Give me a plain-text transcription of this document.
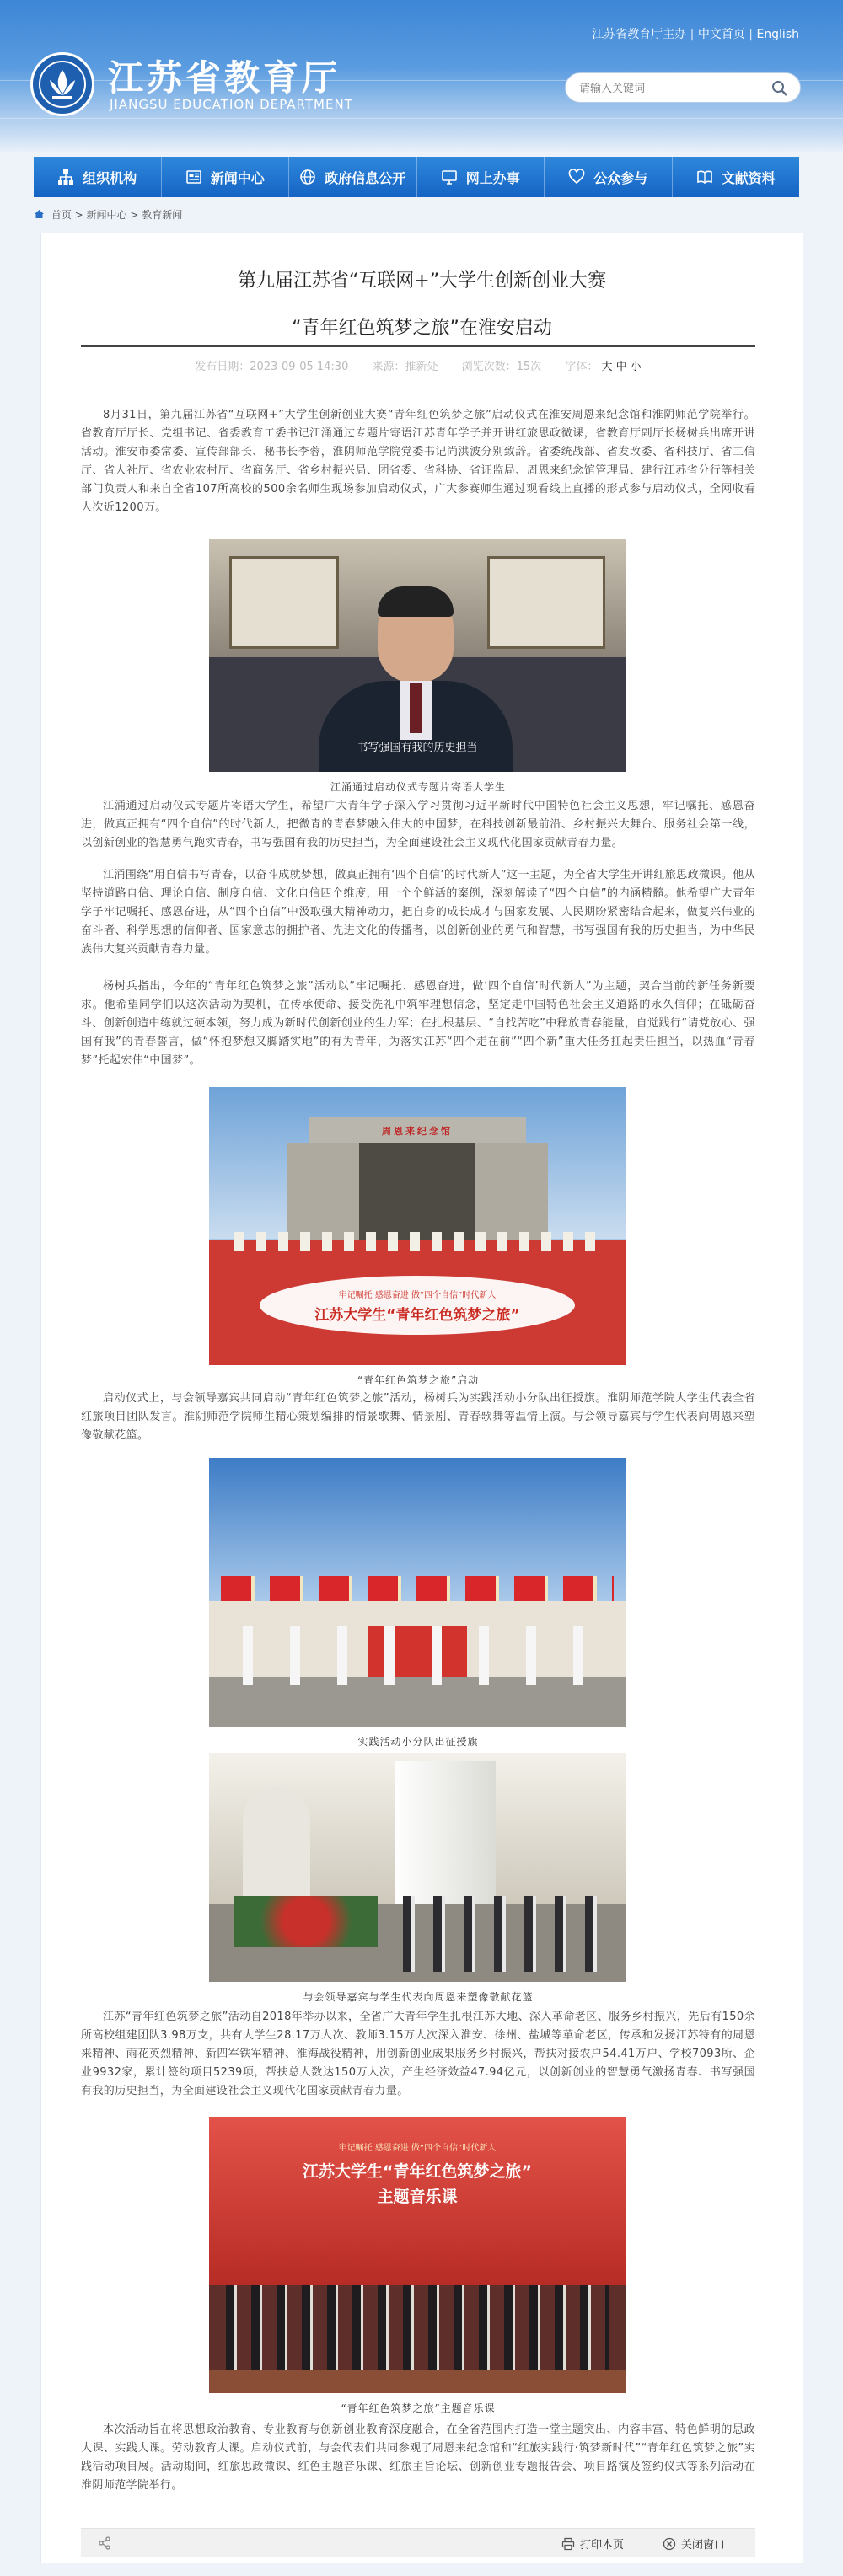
江苏省教育厅主办 | 中文首页 | English
江苏省教育厅
JIANGSU EDUCATION DEPARTMENT
请输入关键词
组织机构	新闻中心	政府信息公开	网上办事	公众参与	文献资料
首页 > 新闻中心 > 教育新闻
第九届江苏省“互联网+”大学生创新创业大赛
“青年红色筑梦之旅”在淮安启动
发布日期：2023-09-05 14:30 来源：推新处 浏览次数：15次 字体： 大 中 小
8月31日，第九届江苏省“互联网+”大学生创新创业大赛“青年红色筑梦之旅”启动仪式在淮安周恩来纪念馆和淮阴师范学院举行。省教育厅厅长、党组书记、省委教育工委书记江涌通过专题片寄语江苏青年学子并开讲红旅思政微课，省教育厅副厅长杨树兵出席开讲活动。淮安市委常委、宣传部部长、秘书长李蓉，淮阴师范学院党委书记尚洪波分别致辞。省委统战部、省发改委、省科技厅、省工信厅、省人社厅、省农业农村厅、省商务厅、省乡村振兴局、团省委、省科协、省证监局、周恩来纪念馆管理局、建行江苏省分行等相关部门负责人和来自全省107所高校的500余名师生现场参加启动仪式，广大参赛师生通过观看线上直播的形式参与启动仪式，全网收看人次近1200万。
书写强国有我的历史担当
江涌通过启动仪式专题片寄语大学生
江涌通过启动仪式专题片寄语大学生，希望广大青年学子深入学习贯彻习近平新时代中国特色社会主义思想，牢记嘱托、感恩奋进，做真正拥有“四个自信”的时代新人，把微青的青春梦融入伟大的中国梦，在科技创新最前沿、乡村振兴大舞台、服务社会第一线，以创新创业的智慧勇气跑实青春，书写强国有我的历史担当，为全面建设社会主义现代化国家贡献青春力量。
江涌围绕“用自信书写青春，以奋斗成就梦想，做真正拥有‘四个自信’的时代新人”这一主题，为全省大学生开讲红旅思政微课。他从坚持道路自信、理论自信、制度自信、文化自信四个维度，用一个个鲜活的案例，深刻解读了“四个自信”的内涵精髓。他希望广大青年学子牢记嘱托、感恩奋进，从“四个自信”中汲取强大精神动力，把自身的成长成才与国家发展、人民期盼紧密结合起来，做复兴伟业的奋斗者、科学思想的信仰者、国家意志的拥护者、先进文化的传播者，以创新创业的勇气和智慧，书写强国有我的历史担当，为中华民族伟大复兴贡献青春力量。
杨树兵指出，今年的“青年红色筑梦之旅”活动以“牢记嘱托、感恩奋进，做‘四个自信’时代新人”为主题，契合当前的新任务新要求。他希望同学们以这次活动为契机，在传承使命、接受洗礼中筑牢理想信念，坚定走中国特色社会主义道路的永久信仰；在砥砺奋斗、创新创造中练就过硬本领，努力成为新时代创新创业的生力军；在扎根基层、“自找苦吃”中释放青春能量，自觉践行“请党放心、强国有我”的青春誓言，做“怀抱梦想又脚踏实地”的有为青年，为落实江苏“四个走在前”“四个新”重大任务扛起责任担当，以热血“青春梦”托起宏伟“中国梦”。
周恩来纪念馆
牢记嘱托 感恩奋进 做“四个自信”时代新人
江苏大学生“青年红色筑梦之旅”
“青年红色筑梦之旅”启动
启动仪式上，与会领导嘉宾共同启动“青年红色筑梦之旅”活动，杨树兵为实践活动小分队出征授旗。淮阴师范学院大学生代表全省红旅项目团队发言。淮阴师范学院师生精心策划编排的情景歌舞、情景剧、青春歌舞等温情上演。与会领导嘉宾与学生代表向周恩来塑像敬献花篮。
实践活动小分队出征授旗
与会领导嘉宾与学生代表向周恩来塑像敬献花篮
江苏“青年红色筑梦之旅”活动自2018年举办以来，全省广大青年学生扎根江苏大地、深入革命老区、服务乡村振兴，先后有150余所高校组建团队3.98万支，共有大学生28.17万人次、教师3.15万人次深入淮安、徐州、盐城等革命老区，传承和发扬江苏特有的周恩来精神、雨花英烈精神、新四军铁军精神、淮海战役精神，用创新创业成果服务乡村振兴，帮扶对接农户54.41万户、学校7093所、企业9932家，累计签约项目5239项，帮扶总人数达150万人次，产生经济效益47.94亿元，以创新创业的智慧勇气激扬青春、书写强国有我的历史担当，为全面建设社会主义现代化国家贡献青春力量。
牢记嘱托 感恩奋进 做“四个自信”时代新人
江苏大学生“青年红色筑梦之旅”
主题音乐课
“青年红色筑梦之旅”主题音乐课
本次活动旨在将思想政治教育、专业教育与创新创业教育深度融合，在全省范围内打造一堂主题突出、内容丰富、特色鲜明的思政大课、实践大课。劳动教育大课。启动仪式前，与会代表们共同参观了周恩来纪念馆和“红旅实践行·筑梦新时代”“青年红色筑梦之旅”实践活动项目展。活动期间，红旅思政微课、红色主题音乐课、红旅主旨论坛、创新创业专题报告会、项目路演及签约仪式等系列活动在淮阴师范学院举行。
打印本页	关闭窗口
